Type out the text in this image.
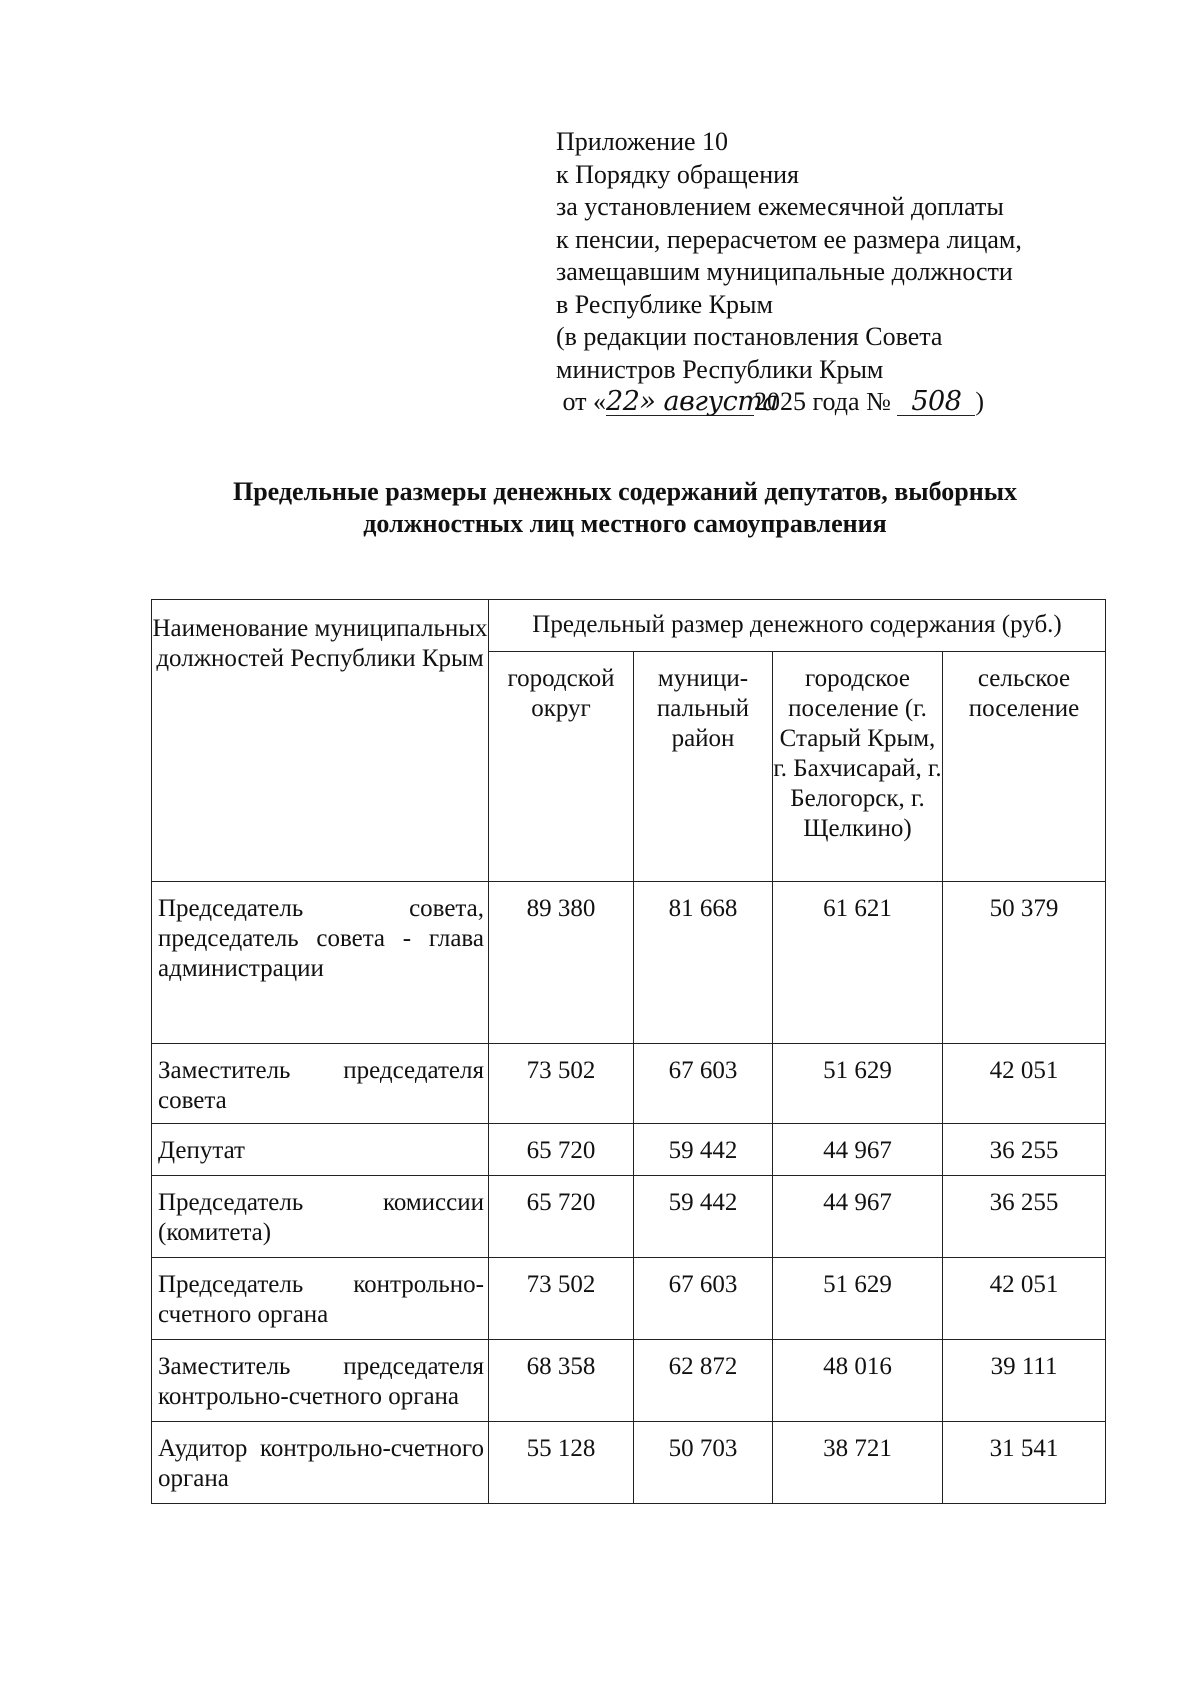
Приложение 10
к Порядку обращения
за установлением ежемесячной доплаты
к пенсии, перерасчетом ее размера лицам,
замещавшим муниципальные должности
в Республике Крым
(в редакции постановления Совета
министров Республики Крым
от «22» августа2025 года № 508 )
Предельные размеры денежных содержаний депутатов, выборных
должностных лиц местного самоуправления
Наименование муниципальных должностей Республики Крым	Предельный размер денежного содержания (руб.)			
	городской округ	муници-пальный район	городское поселение (г. Старый Крым, г. Бахчисарай, г. Белогорск, г. Щелкино)	сельское поселение
Председатель совета, председатель совета - глава администрации	89 380	81 668	61 621	50 379
Заместитель председателя совета	73 502	67 603	51 629	42 051
Депутат	65 720	59 442	44 967	36 255
Председатель комиссии (комитета)	65 720	59 442	44 967	36 255
Председатель контрольно-счетного органа	73 502	67 603	51 629	42 051
Заместитель председателя контрольно-счетного органа	68 358	62 872	48 016	39 111
Аудитор контрольно-счетного органа	55 128	50 703	38 721	31 541
